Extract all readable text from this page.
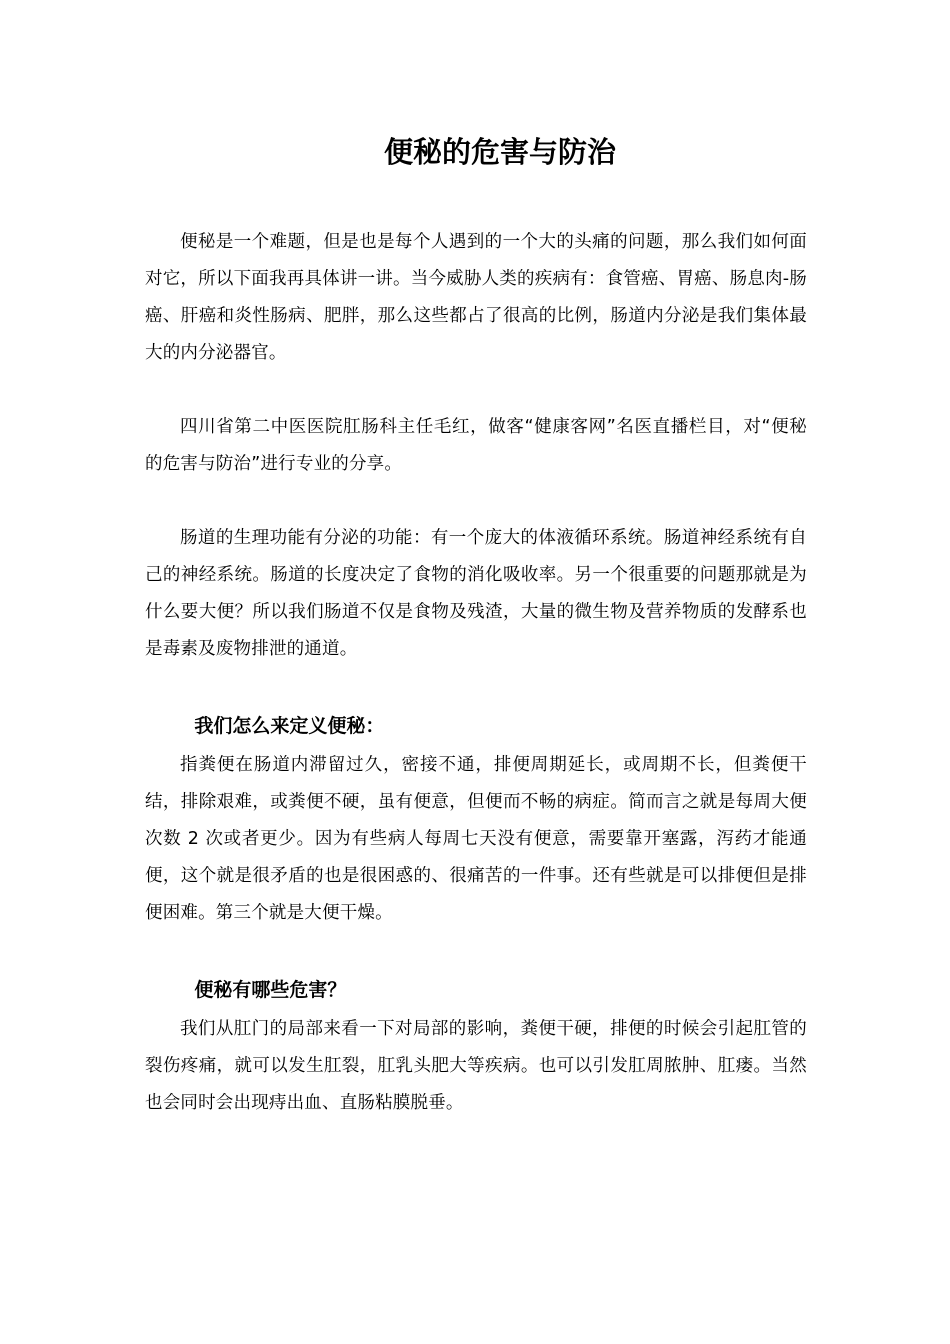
便秘的危害与防治

便秘是一个难题，但是也是每个人遇到的一个大的头痛的问题，那么我们如何面对它，所以下面我再具体讲一讲。当今威胁人类的疾病有：食管癌、胃癌、肠息肉-肠癌、肝癌和炎性肠病、肥胖，那么这些都占了很高的比例，肠道内分泌是我们集体最大的内分泌器官。

四川省第二中医医院肛肠科主任毛红，做客“健康客网”名医直播栏目，对“便秘的危害与防治”进行专业的分享。

肠道的生理功能有分泌的功能：有一个庞大的体液循环系统。肠道神经系统有自己的神经系统。肠道的长度决定了食物的消化吸收率。另一个很重要的问题那就是为什么要大便？所以我们肠道不仅是食物及残渣，大量的微生物及营养物质的发酵系也是毒素及废物排泄的通道。

我们怎么来定义便秘：

指粪便在肠道内滞留过久，密接不通，排便周期延长，或周期不长，但粪便干结，排除艰难，或粪便不硬，虽有便意，但便而不畅的病症。简而言之就是每周大便次数 2 次或者更少。因为有些病人每周七天没有便意，需要靠开塞露，泻药才能通便，这个就是很矛盾的也是很困惑的、很痛苦的一件事。还有些就是可以排便但是排便困难。第三个就是大便干燥。

便秘有哪些危害？

我们从肛门的局部来看一下对局部的影响，粪便干硬，排便的时候会引起肛管的裂伤疼痛，就可以发生肛裂，肛乳头肥大等疾病。也可以引发肛周脓肿、肛瘘。当然也会同时会出现痔出血、直肠粘膜脱垂。
